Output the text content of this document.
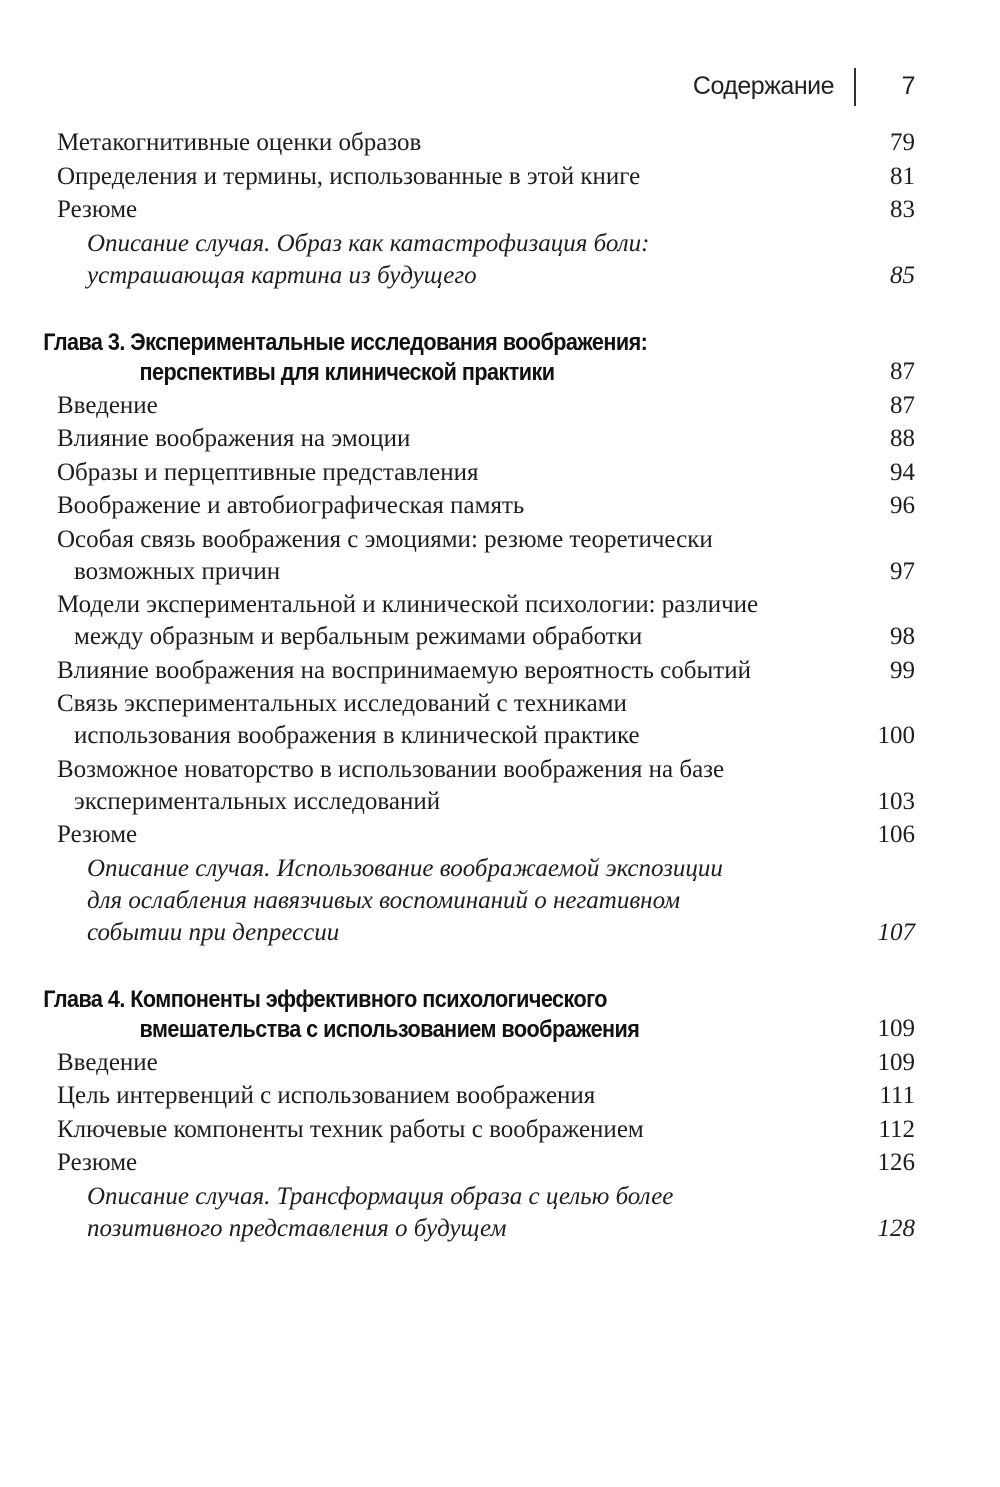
Содержание	7
Метакогнитивные оценки образов	79
Определения и термины, использованные в этой книге	81
Резюме	83
Описание случая. Образ как катастрофизация боли:
устрашающая картина из будущего	85
Глава 3. Экспериментальные исследования воображения:
перспективы для клинической практики	87
Введение	87
Влияние воображения на эмоции	88
Образы и перцептивные представления	94
Воображение и автобиографическая память	96
Особая связь воображения с эмоциями: резюме теоретически
возможных причин	97
Модели экспериментальной и клинической психологии: различие
между образным и вербальным режимами обработки	98
Влияние воображения на воспринимаемую вероятность событий	99
Связь экспериментальных исследований с техниками
использования воображения в клинической практике	100
Возможное новаторство в использовании воображения на базе
экспериментальных исследований	103
Резюме	106
Описание случая. Использование воображаемой экспозиции
для ослабления навязчивых воспоминаний о негативном
событии при депрессии	107
Глава 4. Компоненты эффективного психологического
вмешательства с использованием воображения	109
Введение	109
Цель интервенций с использованием воображения	111
Ключевые компоненты техник работы с воображением	112
Резюме	126
Описание случая. Трансформация образа с целью более
позитивного представления о будущем	128
